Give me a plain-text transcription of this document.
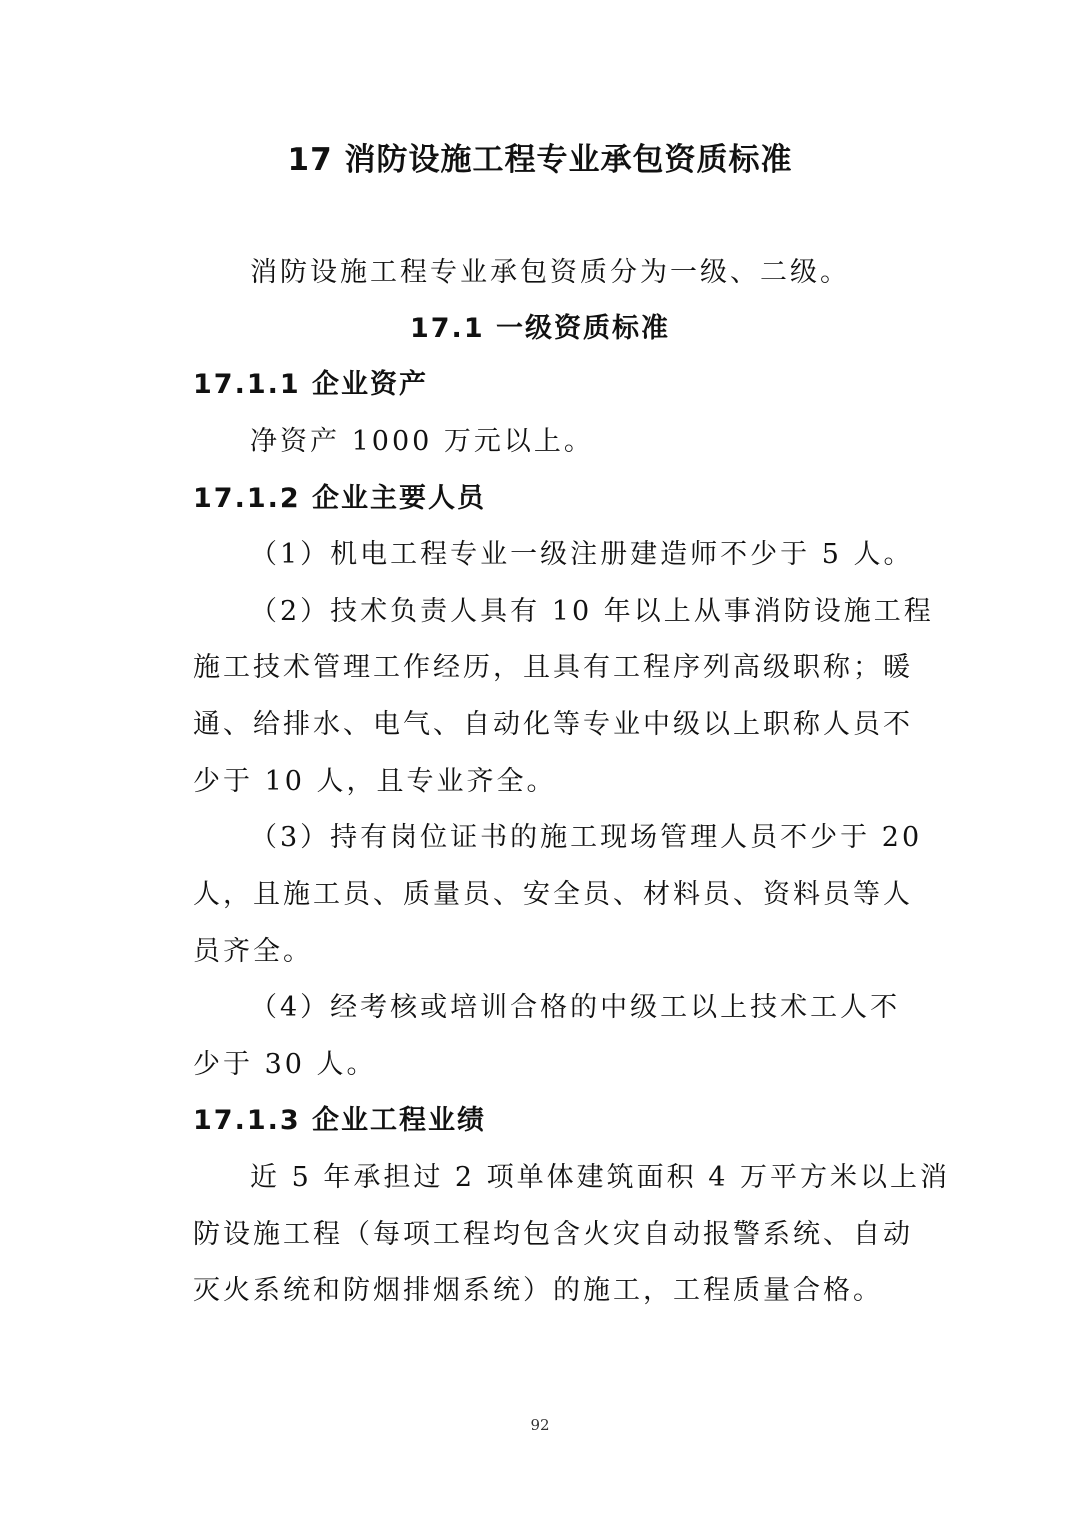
17 消防设施工程专业承包资质标准
消防设施工程专业承包资质分为一级、二级。
17.1 一级资质标准
17.1.1 企业资产
净资产 1000 万元以上。
17.1.2 企业主要人员
（1）机电工程专业一级注册建造师不少于 5 人。
（2）技术负责人具有 10 年以上从事消防设施工程
施工技术管理工作经历，且具有工程序列高级职称；暖
通、给排水、电气、自动化等专业中级以上职称人员不
少于 10 人，且专业齐全。
（3）持有岗位证书的施工现场管理人员不少于 20
人，且施工员、质量员、安全员、材料员、资料员等人
员齐全。
（4）经考核或培训合格的中级工以上技术工人不
少于 30 人。
17.1.3 企业工程业绩
近 5 年承担过 2 项单体建筑面积 4 万平方米以上消
防设施工程（每项工程均包含火灾自动报警系统、自动
灭火系统和防烟排烟系统）的施工，工程质量合格。
92
